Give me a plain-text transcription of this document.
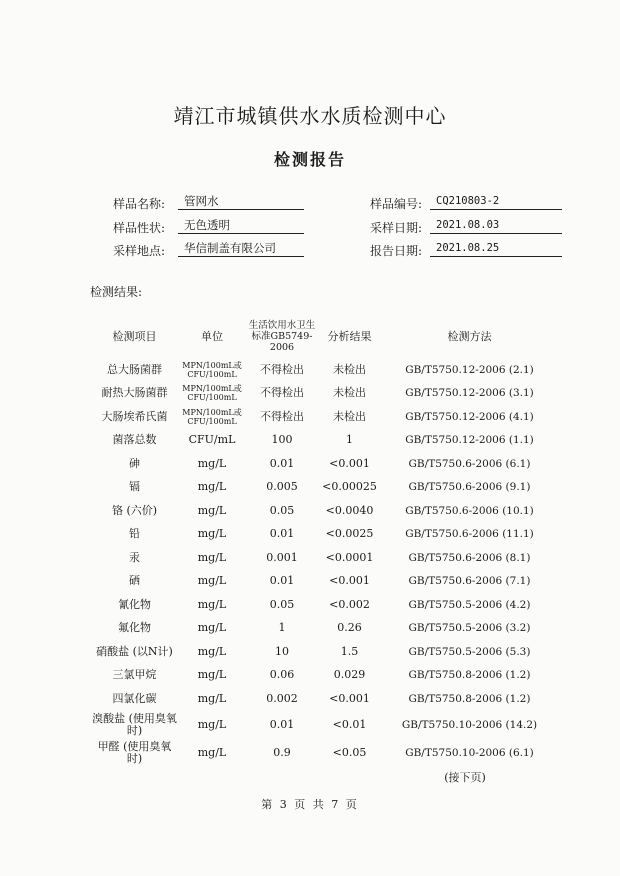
靖江市城镇供水水质检测中心
检测报告
样品名称:	管网水
样品性状:	无色透明
采样地点:	华信制盖有限公司
样品编号:	CQ210803-2
采样日期:	2021.08.03
报告日期:	2021.08.25
检测结果:
检测项目	单位	生活饮用水卫生标准GB5749-2006	分析结果	检测方法
总大肠菌群	MPN/100mL或CFU/100mL	不得检出	未检出	GB/T5750.12-2006 (2.1)
耐热大肠菌群	MPN/100mL或CFU/100mL	不得检出	未检出	GB/T5750.12-2006 (3.1)
大肠埃希氏菌	MPN/100mL或CFU/100mL	不得检出	未检出	GB/T5750.12-2006 (4.1)
菌落总数	CFU/mL	100	1	GB/T5750.12-2006 (1.1)
砷	mg/L	0.01	<0.001	GB/T5750.6-2006 (6.1)
镉	mg/L	0.005	<0.00025	GB/T5750.6-2006 (9.1)
铬 (六价)	mg/L	0.05	<0.0040	GB/T5750.6-2006 (10.1)
铅	mg/L	0.01	<0.0025	GB/T5750.6-2006 (11.1)
汞	mg/L	0.001	<0.0001	GB/T5750.6-2006 (8.1)
硒	mg/L	0.01	<0.001	GB/T5750.6-2006 (7.1)
氰化物	mg/L	0.05	<0.002	GB/T5750.5-2006 (4.2)
氟化物	mg/L	1	0.26	GB/T5750.5-2006 (3.2)
硝酸盐 (以N计)	mg/L	10	1.5	GB/T5750.5-2006 (5.3)
三氯甲烷	mg/L	0.06	0.029	GB/T5750.8-2006 (1.2)
四氯化碳	mg/L	0.002	<0.001	GB/T5750.8-2006 (1.2)
溴酸盐 (使用臭氧时)	mg/L	0.01	<0.01	GB/T5750.10-2006 (14.2)
甲醛 (使用臭氧时)	mg/L	0.9	<0.05	GB/T5750.10-2006 (6.1)
(接下页)
第 3 页 共 7 页
